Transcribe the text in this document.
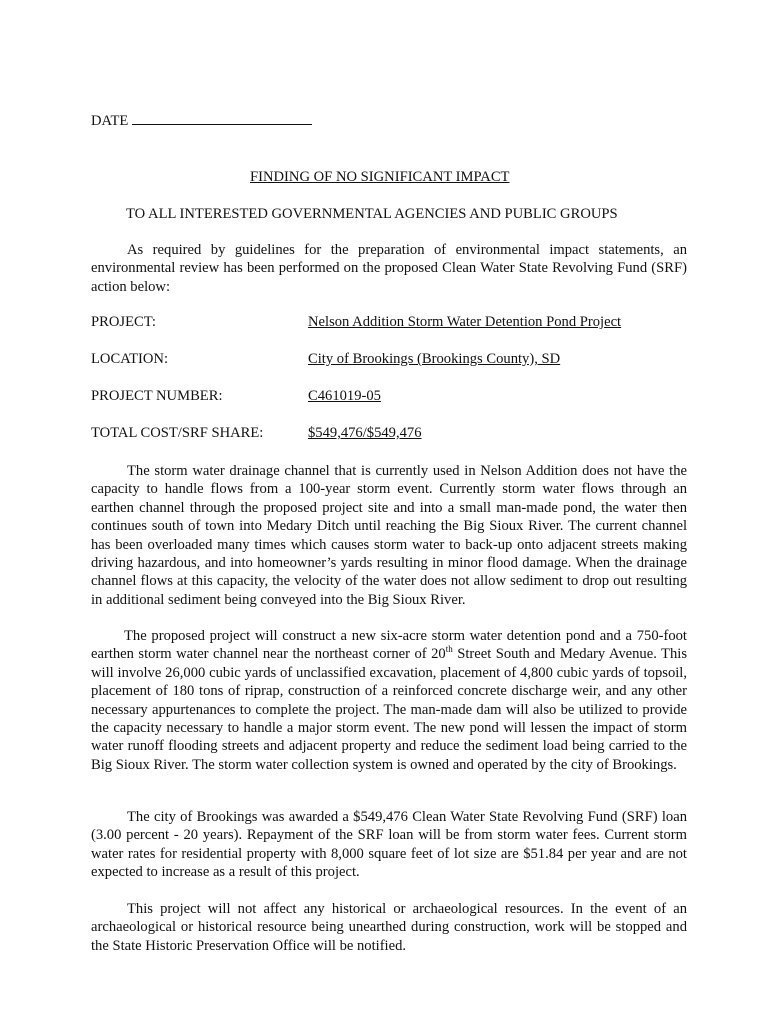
DATE
FINDING OF NO SIGNIFICANT IMPACT
TO ALL INTERESTED GOVERNMENTAL AGENCIES AND PUBLIC GROUPS

As required by guidelines for the preparation of environmental impact statements, an environmental review has been performed on the proposed Clean Water State Revolving Fund (SRF) action below:

PROJECT:	Nelson Addition Storm Water Detention Pond Project
LOCATION:	City of Brookings (Brookings County), SD
PROJECT NUMBER:	C461019-05
TOTAL COST/SRF SHARE:	$549,476/$549,476

The storm water drainage channel that is currently used in Nelson Addition does not have the capacity to handle flows from a 100-year storm event. Currently storm water flows through an earthen channel through the proposed project site and into a small man-made pond, the water then continues south of town into Medary Ditch until reaching the Big Sioux River. The current channel has been overloaded many times which causes storm water to back-up onto adjacent streets making driving hazardous, and into homeowner’s yards resulting in minor flood damage. When the drainage channel flows at this capacity, the velocity of the water does not allow sediment to drop out resulting in additional sediment being conveyed into the Big Sioux River.

The proposed project will construct a new six-acre storm water detention pond and a 750-foot earthen storm water channel near the northeast corner of 20th Street South and Medary Avenue. This will involve 26,000 cubic yards of unclassified excavation, placement of 4,800 cubic yards of topsoil, placement of 180 tons of riprap, construction of a reinforced concrete discharge weir, and any other necessary appurtenances to complete the project. The man-made dam will also be utilized to provide the capacity necessary to handle a major storm event. The new pond will lessen the impact of storm water runoff flooding streets and adjacent property and reduce the sediment load being carried to the Big Sioux River. The storm water collection system is owned and operated by the city of Brookings.

The city of Brookings was awarded a $549,476 Clean Water State Revolving Fund (SRF) loan (3.00 percent - 20 years). Repayment of the SRF loan will be from storm water fees. Current storm water rates for residential property with 8,000 square feet of lot size are $51.84 per year and are not expected to increase as a result of this project.

This project will not affect any historical or archaeological resources. In the event of an archaeological or historical resource being unearthed during construction, work will be stopped and the State Historic Preservation Office will be notified.
